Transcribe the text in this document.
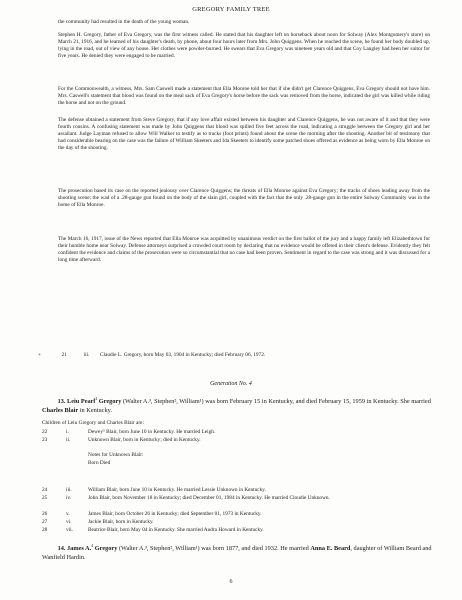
GREGORY FAMILY TREE
the community had resulted in the death of the young woman.
Stephen H. Gregory, father of Eva Gregory, was the first witness called. He stated that his daughter left on horseback about noon for Solway (Alex Montgomery's store) on March 21, 1916, and he learned of his daughter's death, by phone, about four hours later from Mrs. John Quiggens. When he reached the scene, he found her body doubled up, lying in the road, out of view of any house. Her clothes were powder-burned. He swears that Eva Gregory was nineteen years old and that Coy Langley had been her suitor for five years. He denied they were engaged to be married.
For the Commonwealth, a witness, Mrs. Sam Caswell made a statement that Ella Monroe told her that if she didn't get Clarence Quiggens, Eva Gregory should not have him. Mrs. Caswell's statement that blood was found on the meal sack of Eva Gregory's horse before the sack was removed from the horse, indicated the girl was killed while riding the horse and not on the ground.
The defense obtained a statement from Steve Gregory, that if any love affair existed between his daughter and Clarence Quiggens, he was not aware of it and that they were fourth cousins. A confusing statement was made by John Quiggens that blood was spilled five feet across the road, indicating a struggle between the Gregory girl and her assailant. Judge Layman refused to allow Will Walker to testify as to tracks (foot prints) found about the scene the morning after the shooting. Another bit of testimony that had considerable bearing on the case was the failure of William Skeeters and Ida Skeeters to identify some patched shoes offered as evidence as being worn by Ella Monroe on the day of the shooting.
The prosecution based its case on the reported jealousy over Clarence Quiggens; the threats of Ella Monroe against Eva Gregory; the tracks of shoes leading away from the shooting scene; the wad of a .28-gauge gun found on the body of the slain girl, coupled with the fact that the only .28-gauge gun in the entire Solway Community was in the home of Ella Monroe.
The March 16, 1917, issue of the News reported that Ella Monroe was acquitted by unanimous verdict on the first ballot of the jury and a happy family left Elizabethtown for their humble home near Solway. Defense attorneys surprised a crowded court room by declaring that no evidence would be offered in their client's defense. Evidently they felt confident the evidence and claims of the prosecution were so circumstantial that no case had been proven. Sentiment in regard to the case was strong and it was discussed for a long time afterward.
+	21	iii. Claudie L. Gregory, born May 03, 1904 in Kentucky; died February 06, 1972.
Generation No. 4
13. Leiu Pearl$^4$ Gregory (Walter A.³, Stephen², William¹) was born February 15 in Kentucky, and died February 15, 1959 in Kentucky. She married Charles Blair in Kentucky.
Children of Leiu Gregory and Charles Blair are:
22	i.	Dewey⁵ Blair, born June 10 in Kentucky. He married Leigh.
23	ii.	Unknown Blair, born in Kentucky; died in Kentucky.
Notes for Unknown Blair:
Born Died
24	iii.	William Blair, born June 10 in Kentucky. He married Lessie Unknown in Kentucky.
25	iv.	John Blair, born November 18 in Kentucky; died December 01, 1984 in Kentucky. He married Cloudie Unknown.
26	v.	James Blair, born October 26 in Kentucky; died September 01, 1973 in Kentucky.
27	vi.	Jackie Blair, born in Kentucky.
28	vii.	Beatrice Blair, born May 04 in Kentucky. She married Audra Howard in Kentucky.
14. James A.$^4$ Gregory (Walter A.³, Stephen², William¹) was born 1877, and died 1932. He married Anna E. Beard, daughter of William Beard and Wanfield Hardin.
6
